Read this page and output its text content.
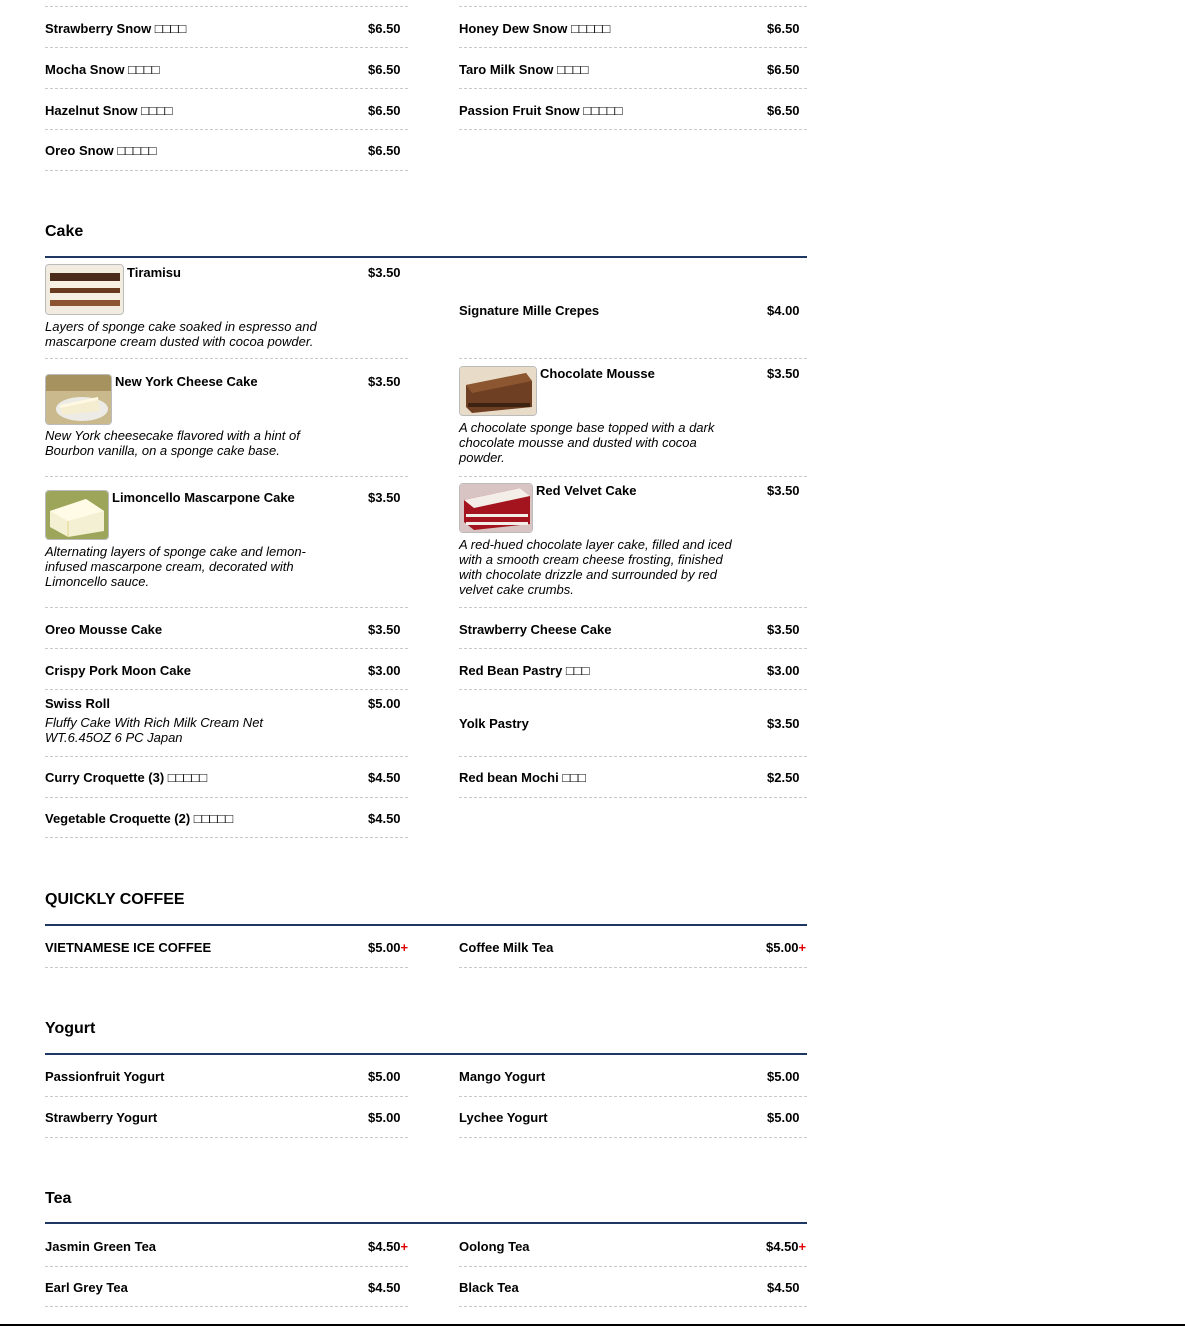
Strawberry Snow □□□□	$6.50	Honey Dew Snow □□□□□	$6.50
Mocha Snow □□□□	$6.50	Taro Milk Snow □□□□	$6.50
Hazelnut Snow □□□□	$6.50	Passion Fruit Snow □□□□□	$6.50
Oreo Snow □□□□□	$6.50
Cake
Tiramisu	$3.50
Layers of sponge cake soaked in espresso and mascarpone cream dusted with cocoa powder.
Signature Mille Crepes	$4.00
New York Cheese Cake	$3.50
New York cheesecake flavored with a hint of Bourbon vanilla, on a sponge cake base.
Chocolate Mousse	$3.50
A chocolate sponge base topped with a dark chocolate mousse and dusted with cocoa powder.
Limoncello Mascarpone Cake	$3.50
Alternating layers of sponge cake and lemon-infused mascarpone cream, decorated with Limoncello sauce.
Red Velvet Cake	$3.50
A red-hued chocolate layer cake, filled and iced with a smooth cream cheese frosting, finished with chocolate drizzle and surrounded by red velvet cake crumbs.
Oreo Mousse Cake	$3.50	Strawberry Cheese Cake	$3.50
Crispy Pork Moon Cake	$3.00	Red Bean Pastry □□□	$3.00
Swiss Roll	$5.00
Fluffy Cake With Rich Milk Cream Net WT.6.45OZ 6 PC Japan
Yolk Pastry	$3.50
Curry Croquette (3) □□□□□	$4.50	Red bean Mochi □□□	$2.50
Vegetable Croquette (2) □□□□□	$4.50
QUICKLY COFFEE
VIETNAMESE ICE COFFEE	$5.00+	Coffee Milk Tea	$5.00+
Yogurt
Passionfruit Yogurt	$5.00	Mango Yogurt	$5.00
Strawberry Yogurt	$5.00	Lychee Yogurt	$5.00
Tea
Jasmin Green Tea	$4.50+	Oolong Tea	$4.50+
Earl Grey Tea	$4.50	Black Tea	$4.50
